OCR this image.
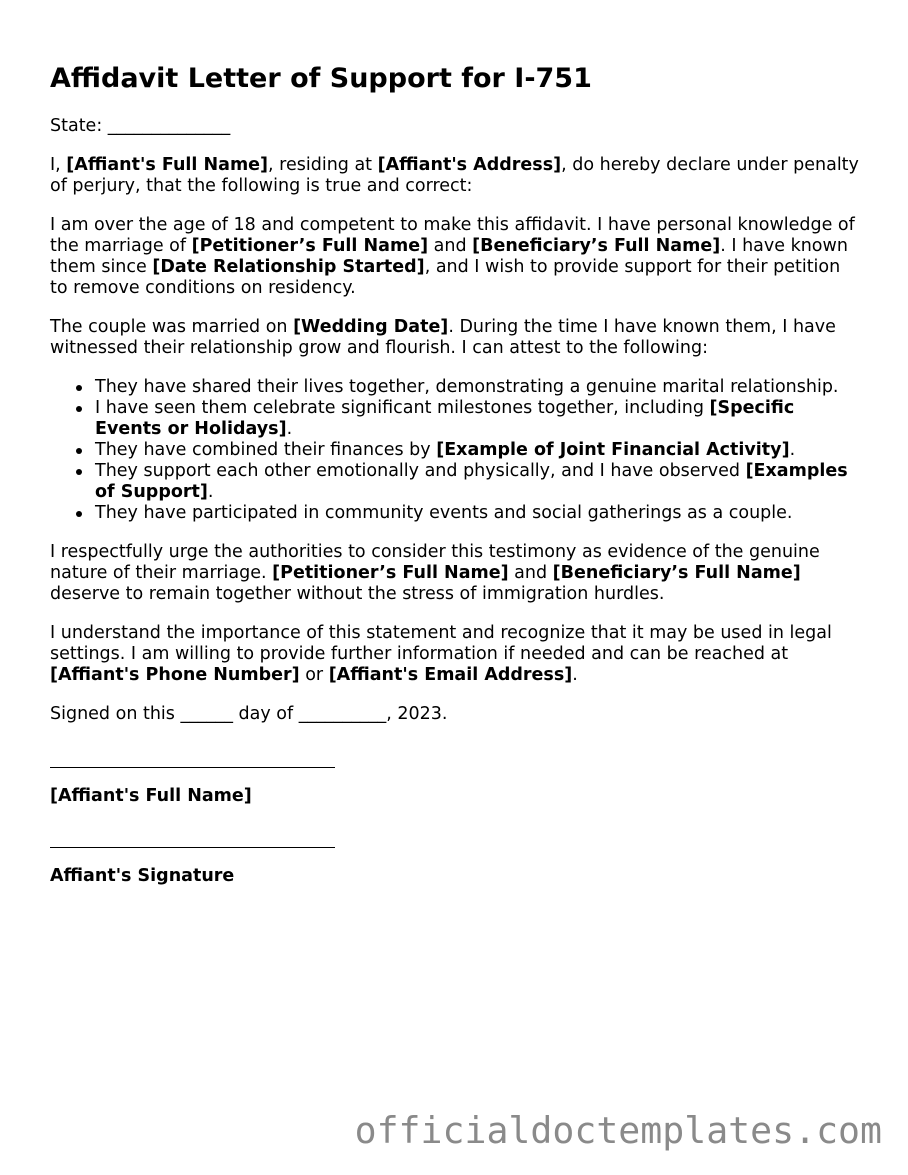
Affidavit Letter of Support for I-751

State: ______________

I, [Affiant's Full Name], residing at [Affiant's Address], do hereby declare under penalty of perjury, that the following is true and correct:

I am over the age of 18 and competent to make this affidavit. I have personal knowledge of the marriage of [Petitioner’s Full Name] and [Beneficiary’s Full Name]. I have known them since [Date Relationship Started], and I wish to provide support for their petition to remove conditions on residency.

The couple was married on [Wedding Date]. During the time I have known them, I have witnessed their relationship grow and flourish. I can attest to the following:

They have shared their lives together, demonstrating a genuine marital relationship.
I have seen them celebrate significant milestones together, including [Specific Events or Holidays].
They have combined their finances by [Example of Joint Financial Activity].
They support each other emotionally and physically, and I have observed [Examples of Support].
They have participated in community events and social gatherings as a couple.

I respectfully urge the authorities to consider this testimony as evidence of the genuine nature of their marriage. [Petitioner’s Full Name] and [Beneficiary’s Full Name] deserve to remain together without the stress of immigration hurdles.

I understand the importance of this statement and recognize that it may be used in legal settings. I am willing to provide further information if needed and can be reached at [Affiant's Phone Number] or [Affiant's Email Address].

Signed on this ______ day of __________, 2023.

[Affiant's Full Name]

Affiant's Signature

officialdoctemplates.com
